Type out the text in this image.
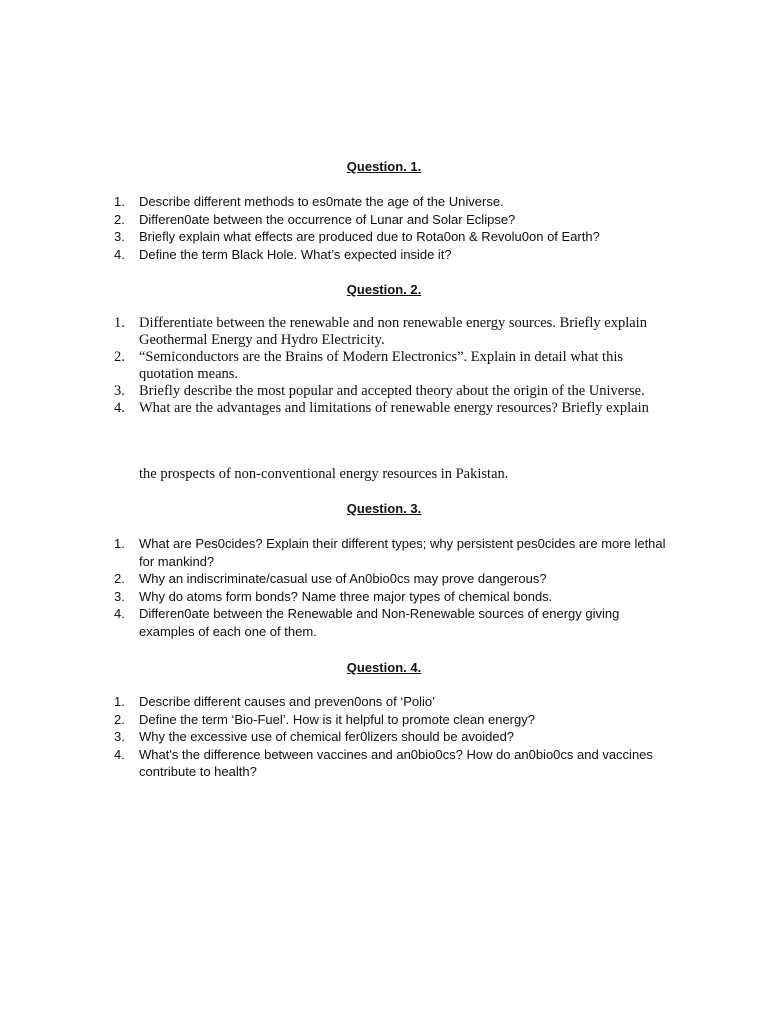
Question. 1.
1. Describe different methods to es0mate the age of the Universe.
2. Differen0ate between the occurrence of Lunar and Solar Eclipse?
3. Briefly explain what effects are produced due to Rota0on & Revolu0on of Earth?
4. Define the term Black Hole. What’s expected inside it?
Question. 2.
1. Differentiate between the renewable and non renewable energy sources. Briefly explain Geothermal Energy and Hydro Electricity.
2. “Semiconductors are the Brains of Modern Electronics”. Explain in detail what this quotation means.
3. Briefly describe the most popular and accepted theory about the origin of the Universe.
4. What are the advantages and limitations of renewable energy resources? Briefly explain
the prospects of non-conventional energy resources in Pakistan.
Question. 3.
1. What are Pes0cides? Explain their different types; why persistent pes0cides are more lethal for mankind?
2. Why an indiscriminate/casual use of An0bio0cs may prove dangerous?
3. Why do atoms form bonds? Name three major types of chemical bonds.
4. Differen0ate between the Renewable and Non-Renewable sources of energy giving examples of each one of them.
Question. 4.
1. Describe different causes and preven0ons of ‘Polio’
2. Define the term ‘Bio-Fuel’. How is it helpful to promote clean energy?
3. Why the excessive use of chemical fer0lizers should be avoided?
4. What's the difference between vaccines and an0bio0cs? How do an0bio0cs and vaccines contribute to health?
